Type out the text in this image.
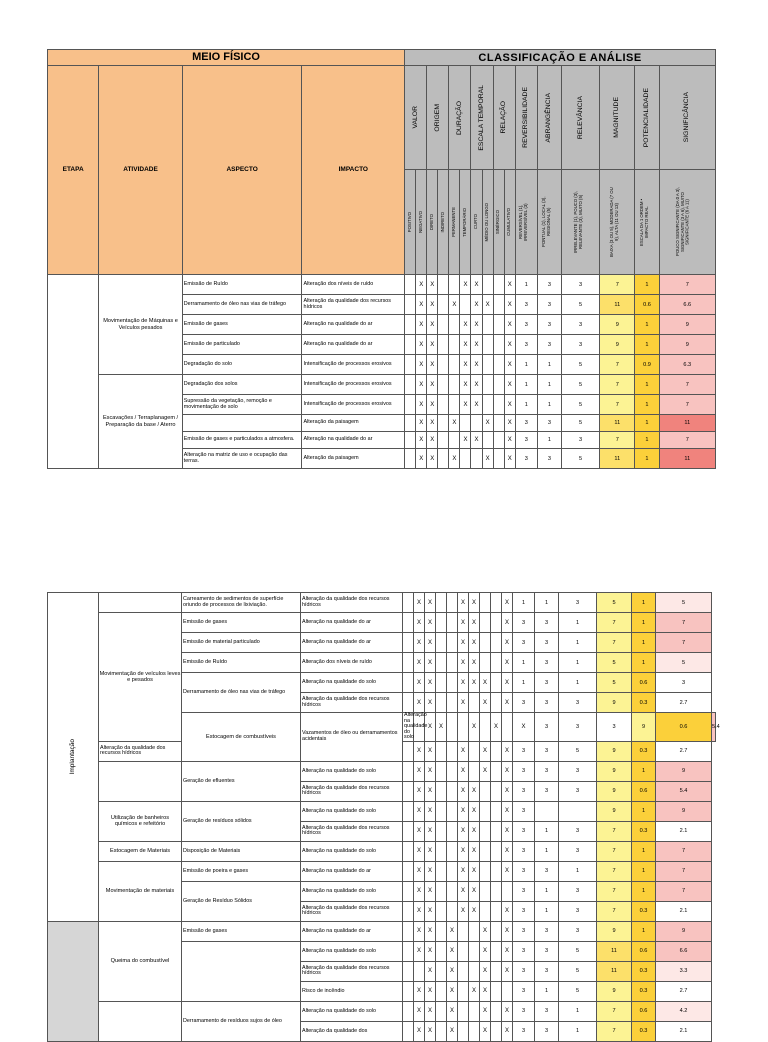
MEIO FÍSICO				CLASSIFICAÇÃO E ANÁLISE															
ETAPA	ATIVIDADE	ASPECTO	IMPACTO	VALOR		ORIGEM		DURAÇÃO		ESCALA TEMPORAL		RELAÇÃO		REVERSIBILIDADE	ABRANGÊNCIA	RELEVÂNCIA	MAGNITUDE	POTENCIALIDADE	SIGNIFICÂNCIA

				POSITIVO	NEGATIVO	DIRETO	INDIRETO	PERMANENTE	TEMPORÁRIO	CURTO	MÉDIO OU LONGO	SINÉRGICO	CUMULATIVO	REVERSÍVEL (1), IRREVERSÍVEL (3)	PONTUAL (1), LOCAL (3), REGIONAL (5)	IRRELEVANTE (1), POUCO (3), RELEVANTE (3), MUITO (5)	BAIXA (3 OU 5), MODERADA (7 OU 9), ALTA (11 OU 13)	ESCALA DA 1 ORDEM • IMPACTO REAL	POUCO SIGNIFICANTE (DA 0 A 3), SIGNIFICANTE (3 A 6), MUITO SIGNIFICANTE (6 A 11)

	Movimentação de Máquinas e Veículos pesados	Emissão de Ruído	Alteração dos níveis de ruído		X	X			X	X			X	1	3	3	7	1	7
		Derramamento de óleo nas vias de tráfego	Alteração da qualidade dos recursos hídricos		X	X		X		X	X		X	3	3	5	11	0.6	6.6
		Emissão de gases	Alteração na qualidade do ar		X	X			X	X			X	3	3	3	9	1	9
		Emissão de particulado	Alteração na qualidade do ar		X	X			X	X			X	3	3	3	9	1	9
		Degradação do solo	Intensificação de processos erosivos		X	X			X	X			X	1	1	5	7	0.9	6.3
	Escavações / Terraplanagem / Preparação da base / Aterro	Degradação dos solos	Intensificação de processos erosivos		X	X			X	X			X	1	1	5	7	1	7
		Supressão da vegetação, remoção e movimentação de solo	Intensificação de processos erosivos		X	X			X	X			X	1	1	5	7	1	7
			Alteração da paisagem		X	X		X			X		X	3	3	5	11	1	11
		Emissão de gases e particulados a atmosfera.	Alteração na qualidade do ar		X	X			X	X			X	3	1	3	7	1	7
		Alteração na matriz de uso e ocupação das terras.	Alteração da paisagem		X	X		X			X		X	3	3	5	11	1	11
Implantação		Carreamento de sedimentos de superfície oriundo de processos de lixiviação.	Alteração da qualidade dos recursos hídricos		X	X			X	X			X	1	1	3	5	1	5	
	Movimentação de veículos leves e pesados	Emissão de gases	Alteração na qualidade do ar		X	X			X	X			X	3	3	1	7	1	7	
		Emissão de material particulado	Alteração na qualidade do ar		X	X			X	X			X	3	3	1	7	1	7	
		Emissão de Ruído	Alteração dos níveis de ruído		X	X			X	X			X	1	3	1	5	1	5	
		Derramamento de óleo nas vias de tráfego	Alteração na qualidade do solo		X	X			X	X	X		X	1	3	1	5	0.6	3	
			Alteração da qualidade dos recursos hídricos		X	X			X		X		X	3	3	3	9	0.3	2.7	
		Estocagem de combustíveis	Vazamentos de óleo ou derramamentos acidentais	Alteração na qualidade do solo		X	X			X		X		X	3	3	3	9	0.6	5.4
	Alteração da qualidade dos recursos hídricos				X	X			X		X		X	3	3	5	9	0.3	2.7	
		Geração de efluentes	Alteração na qualidade do solo		X	X			X		X		X	3	3	3	9	1	9	
			Alteração da qualidade dos recursos hídricos		X	X			X	X			X	3	3	3	9	0.6	5.4	
	Utilização de banheiros químicos e refeitório	Geração de resíduos sólidos	Alteração na qualidade do solo		X	X			X	X			X	3			9	1	9	
			Alteração da qualidade dos recursos hídricos		X	X			X	X			X	3	1	3	7	0.3	2.1	
	Estocagem de Materiais	Disposição de Materiais	Alteração na qualidade do solo		X	X			X	X			X	3	1	3	7	1	7	
	Movimentação de materiais	Emissão de poeira e gases	Alteração na qualidade do ar		X	X			X	X			X	3	3	1	7	1	7	
		Geração de Resíduo Sólidos	Alteração na qualidade do solo		X	X			X	X				3	1	3	7	1	7	
			Alteração da qualidade dos recursos hídricos		X	X			X	X			X	3	1	3	7	0.3	2.1	
	Queima do combustível	Emissão de gases	Alteração na qualidade do ar		X	X		X			X		X	3	3	3	9	1	9	
			Alteração na qualidade do solo		X	X		X			X		X	3	3	5	11	0.6	6.6	
			Alteração da qualidade dos recursos hídricos			X		X			X		X	3	3	5	11	0.3	3.3	
			Risco de incêndio		X	X		X		X	X			3	1	5	9	0.3	2.7	
		Derramamento de resíduos sujos de óleo	Alteração na qualidade do solo		X	X		X			X		X	3	3	1	7	0.6	4.2	
			Alteração da qualidade dos		X	X		X			X		X	3	3	1	7	0.3	2.1	
